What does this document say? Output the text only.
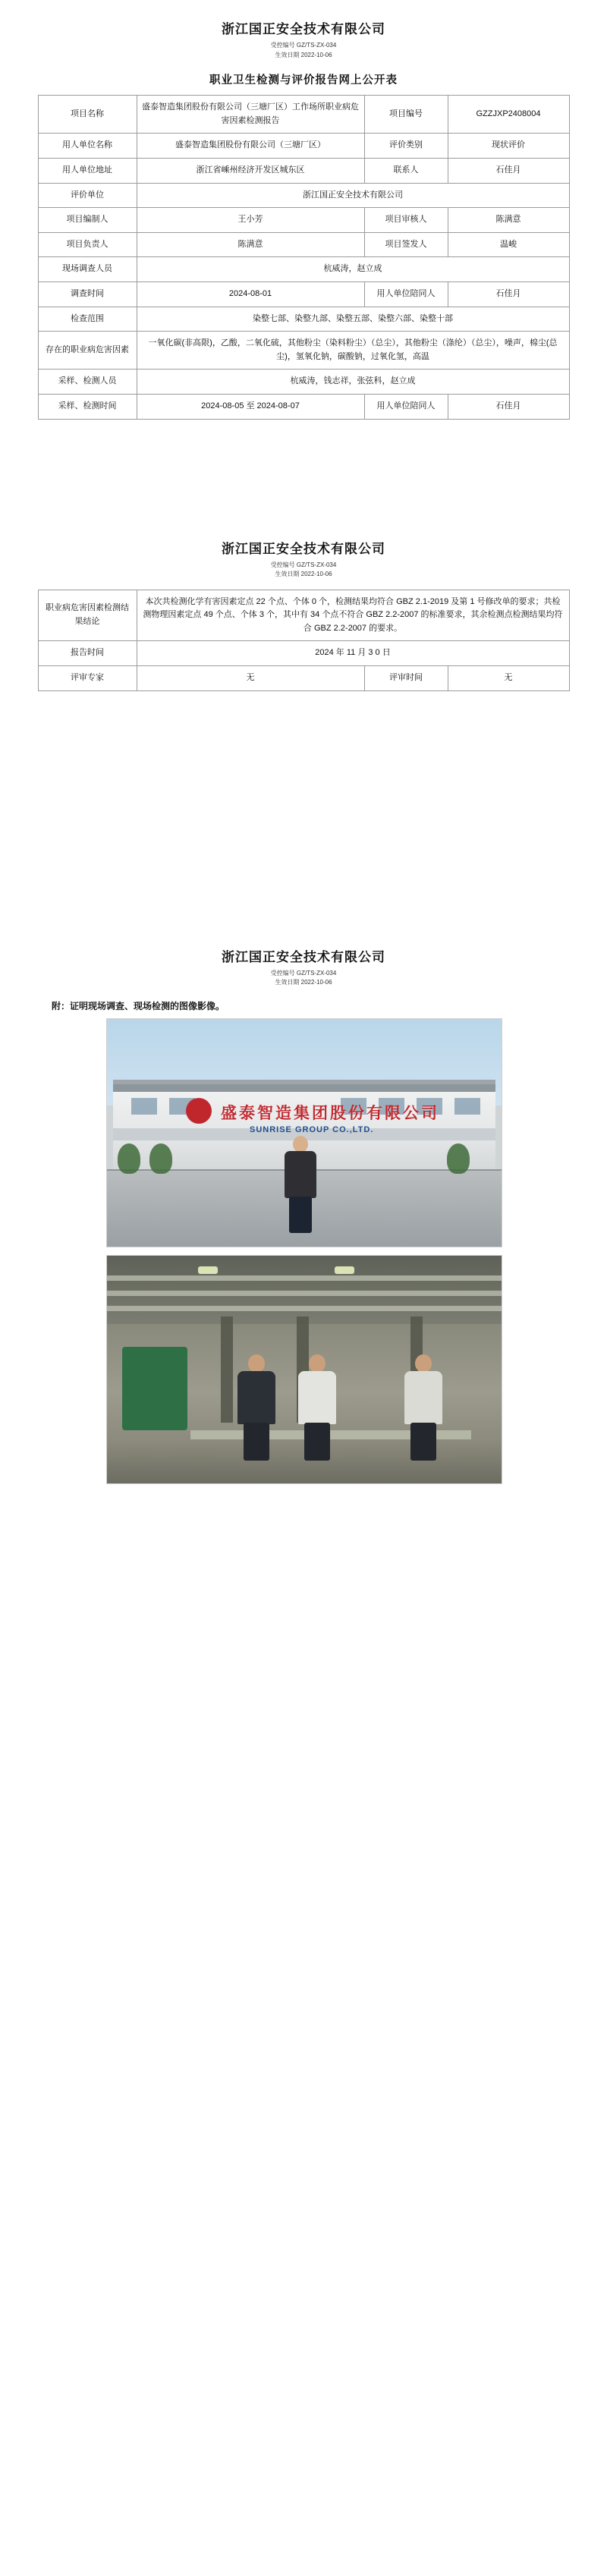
浙江国正安全技术有限公司
受控编号 GZ/TS-ZX-034
生效日期 2022-10-06
职业卫生检测与评价报告网上公开表
项目名称	盛泰智造集团股份有限公司（三塘厂区）工作场所职业病危害因素检测报告	项目编号	GZZJXP2408004
用人单位名称	盛泰智造集团股份有限公司（三塘厂区）	评价类别	现状评价
用人单位地址	浙江省嵊州经济开发区城东区	联系人	石佳月
评价单位	浙江国正安全技术有限公司		
项目编制人	王小芳	项目审核人	陈满意
项目负责人	陈满意	项目签发人	温峻
现场调查人员	杭威涛，赵立成		
调查时间	2024-08-01	用人单位陪同人	石佳月
检查范围	染整七部、染整九部、染整五部、染整六部、染整十部		
存在的职业病危害因素	一氧化碳(非高限)，乙酸，二氧化硫，其他粉尘（染料粉尘）（总尘），其他粉尘（涤纶）（总尘），噪声，棉尘(总尘)，氢氧化钠，碳酸钠，过氧化氢，高温		
采样、检测人员	杭威涛，钱志祥，张弦科，赵立成		
采样、检测时间	2024-08-05 至 2024-08-07	用人单位陪同人	石佳月
浙江国正安全技术有限公司
受控编号 GZ/TS-ZX-034
生效日期 2022-10-06
职业病危害因素检测结果结论	本次共检测化学有害因素定点 22 个点、个体 0 个，检测结果均符合 GBZ 2.1-2019 及第 1 号修改单的要求；共检测物理因素定点 49 个点、个体 3 个，其中有 34 个点不符合 GBZ 2.2-2007 的标准要求，其余检测点检测结果均符合 GBZ 2.2-2007 的要求。		
报告时间	2024 年 11 月 3 0 日		
评审专家	无	评审时间	无
浙江国正安全技术有限公司
受控编号 GZ/TS-ZX-034
生效日期 2022-10-06
附：证明现场调查、现场检测的图像影像。
盛泰智造集团股份有限公司
SUNRISE GROUP CO.,LTD.
